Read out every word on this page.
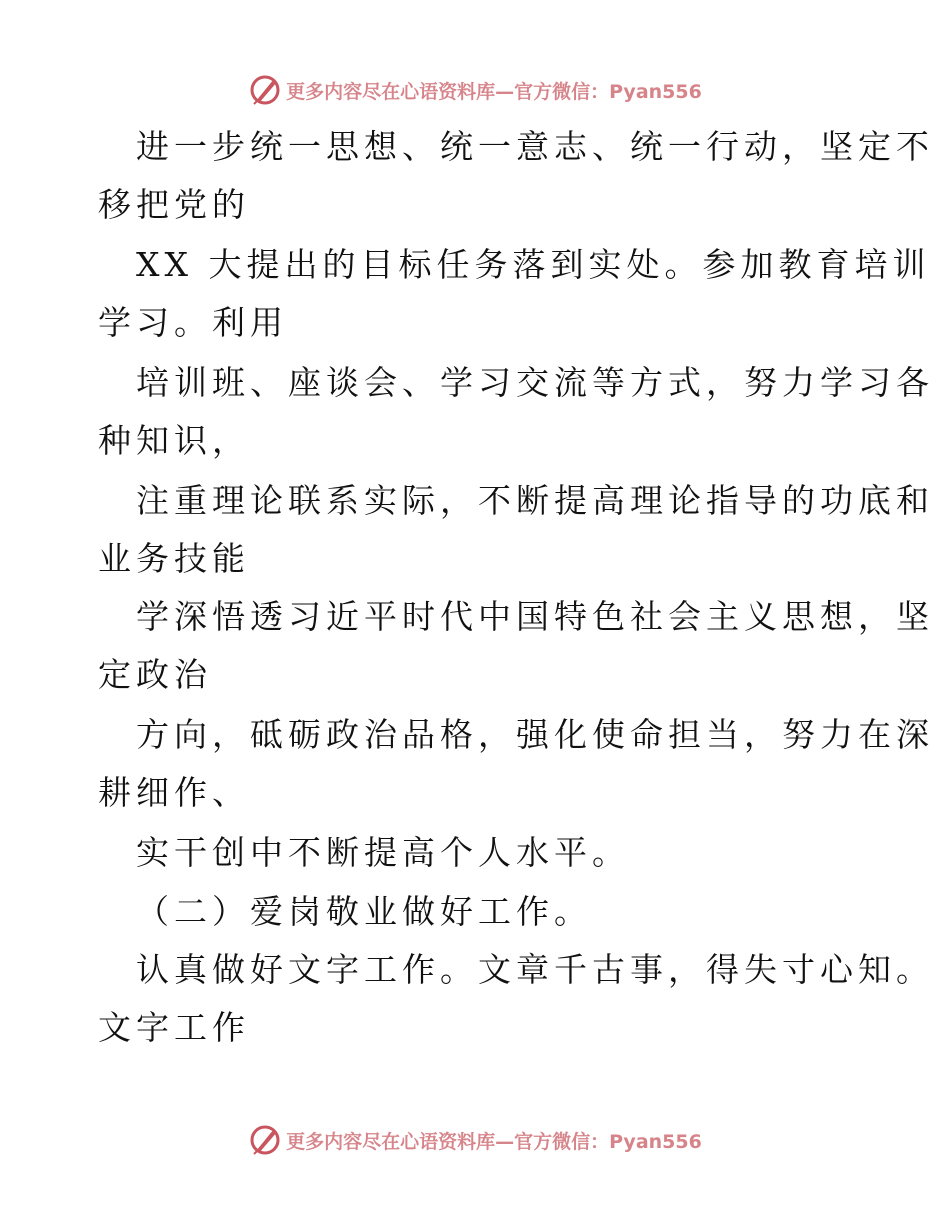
更多内容尽在心语资料库—官方微信：Pyan556
进一步统一思想、统一意志、统一行动，坚定不
移把党的
XX 大提出的目标任务落到实处。参加教育培训
学习。利用
培训班、座谈会、学习交流等方式，努力学习各
种知识，
注重理论联系实际，不断提高理论指导的功底和
业务技能
学深悟透习近平时代中国特色社会主义思想，坚
定政治
方向，砥砺政治品格，强化使命担当，努力在深
耕细作、
实干创中不断提高个人水平。
（二）爱岗敬业做好工作。
认真做好文字工作。文章千古事，得失寸心知。
文字工作
更多内容尽在心语资料库—官方微信：Pyan556
